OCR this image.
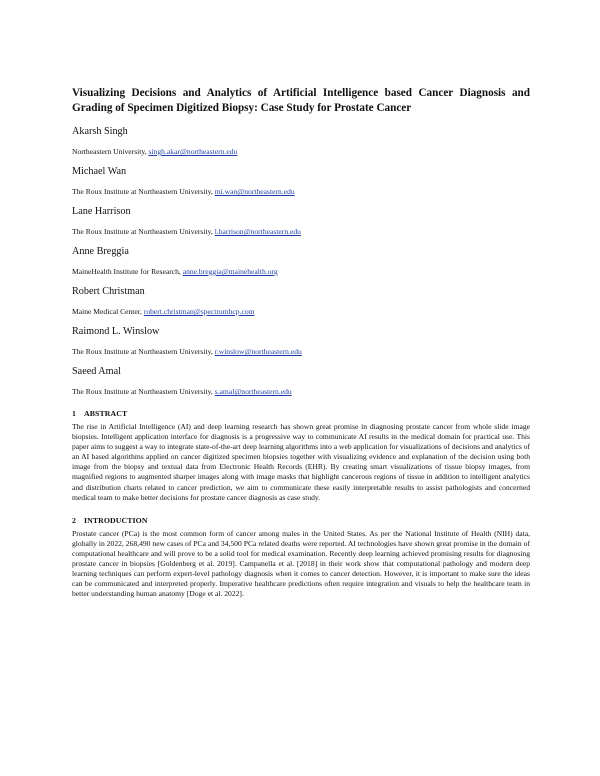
Visualizing Decisions and Analytics of Artificial Intelligence based Cancer Diagnosis and Grading of Specimen Digitized Biopsy: Case Study for Prostate Cancer
Akarsh Singh
Northeastern University, singh.akar@northeastern.edu
Michael Wan
The Roux Institute at Northeastern University, mi.wan@northeastern.edu
Lane Harrison
The Roux Institute at Northeastern University, l.harrison@northeastern.edu
Anne Breggia
MaineHealth Institute for Research, anne.breggia@mainehealth.org
Robert Christman
Maine Medical Center, robert.christman@spectrumhcp.com
Raimond L. Winslow
The Roux Institute at Northeastern University, r.winslow@northeastern.edu
Saeed Amal
The Roux Institute at Northeastern University, s.amal@northeastern.edu
1 ABSTRACT

The rise in Artificial Intelligence (AI) and deep learning research has shown great promise in diagnosing prostate cancer from whole slide image biopsies. Intelligent application interface for diagnosis is a progressive way to communicate AI results in the medical domain for practical use. This paper aims to suggest a way to integrate state-of-the-art deep learning algorithms into a web application for visualizations of decisions and analytics of an AI based algorithms applied on cancer digitized specimen biopsies together with visualizing evidence and explanation of the decision using both image from the biopsy and textual data from Electronic Health Records (EHR). By creating smart visualizations of tissue biopsy images, from magnified regions to augmented sharper images along with image masks that highlight cancerous regions of tissue in addition to intelligent analytics and distribution charts related to cancer prediction, we aim to communicate these easily interpretable results to assist pathologists and concerned medical team to make better decisions for prostate cancer diagnosis as case study.

2 INTRODUCTION

Prostate cancer (PCa) is the most common form of cancer among males in the United States. As per the National Institute of Health (NIH) data, globally in 2022, 268,490 new cases of PCa and 34,500 PCa related deaths were reported. AI technologies have shown great promise in the domain of computational healthcare and will prove to be a solid tool for medical examination. Recently deep learning achieved promising results for diagnosing prostate cancer in biopsies [Goldenberg et al. 2019]. Campanella et al. [2018] in their work show that computational pathology and modern deep learning techniques can perform expert-level pathology diagnosis when it comes to cancer detection. However, it is important to make sure the ideas can be communicated and interpreted properly. Imperative healthcare predictions often require integration and visuals to help the healthcare team in better understanding human anatomy [Doge et al. 2022].
